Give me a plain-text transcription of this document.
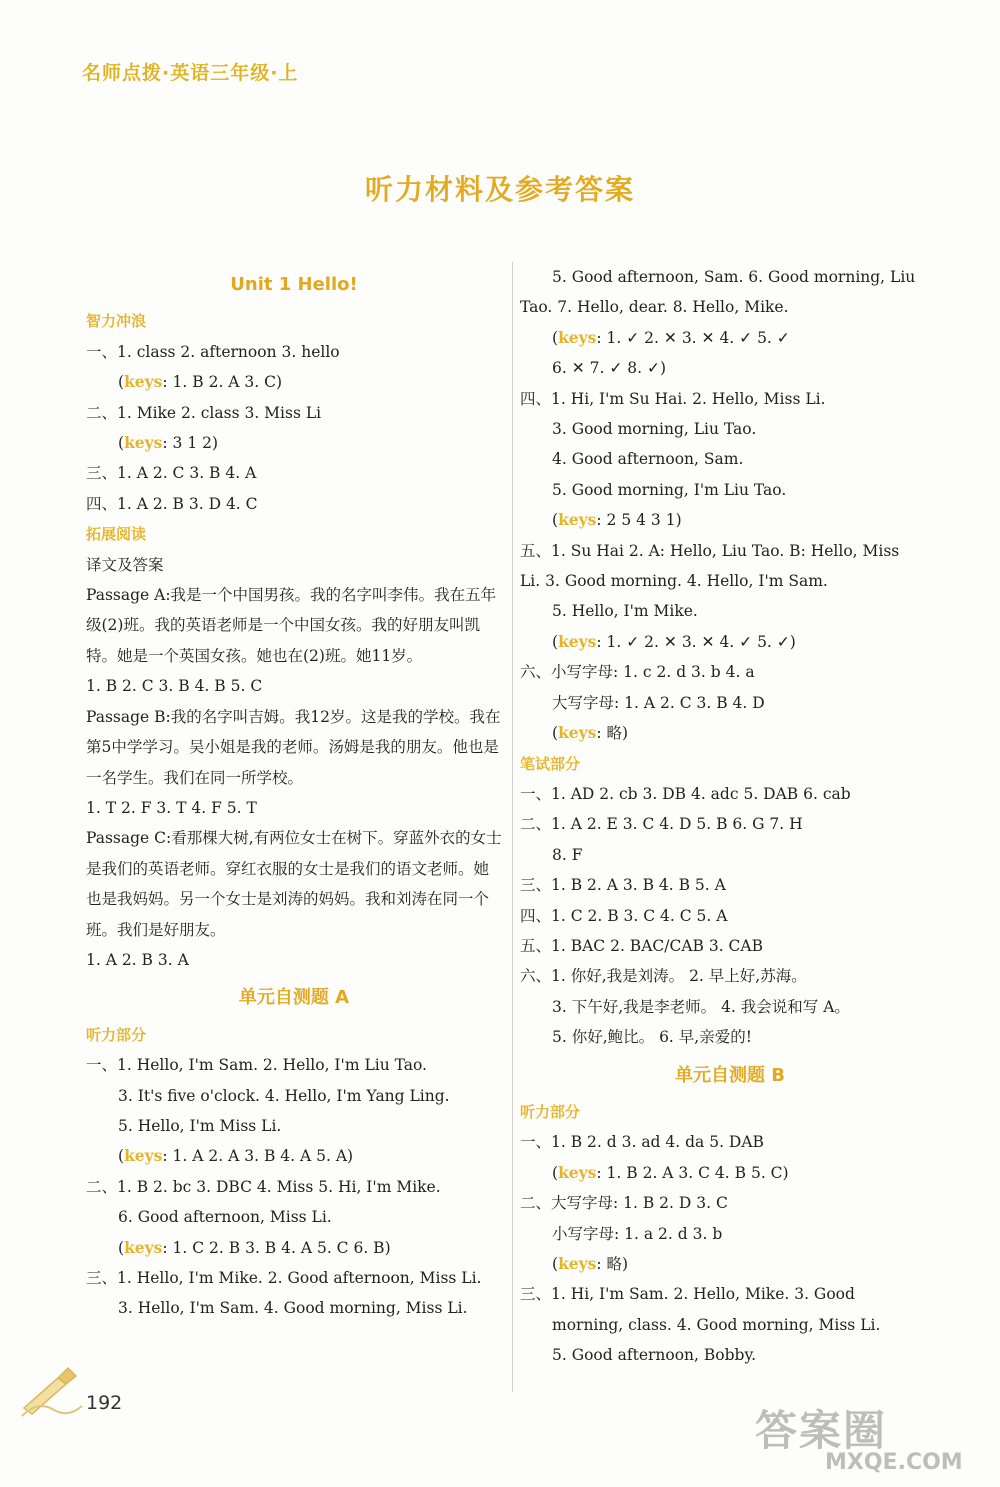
名师点拨·英语三年级·上
听力材料及参考答案
Unit 1 Hello!
智力冲浪
一、1. class 2. afternoon 3. hello
(keys: 1. B 2. A 3. C)
二、1. Mike 2. class 3. Miss Li
(keys: 3 1 2)
三、1. A 2. C 3. B 4. A
四、1. A 2. B 3. D 4. C
拓展阅读
译文及答案
Passage A:我是一个中国男孩。我的名字叫李伟。我在五年级(2)班。我的英语老师是一个中国女孩。我的好朋友叫凯特。她是一个英国女孩。她也在(2)班。她11岁。
1. B 2. C 3. B 4. B 5. C
Passage B:我的名字叫吉姆。我12岁。这是我的学校。我在第5中学学习。吴小姐是我的老师。汤姆是我的朋友。他也是一名学生。我们在同一所学校。
1. T 2. F 3. T 4. F 5. T
Passage C:看那棵大树,有两位女士在树下。穿蓝外衣的女士是我们的英语老师。穿红衣服的女士是我们的语文老师。她也是我妈妈。另一个女士是刘涛的妈妈。我和刘涛在同一个班。我们是好朋友。
1. A 2. B 3. A
单元自测题 A
听力部分
一、1. Hello, I'm Sam. 2. Hello, I'm Liu Tao.
3. It's five o'clock. 4. Hello, I'm Yang Ling.
5. Hello, I'm Miss Li.
(keys: 1. A 2. A 3. B 4. A 5. A)
二、1. B 2. bc 3. DBC 4. Miss 5. Hi, I'm Mike.
6. Good afternoon, Miss Li.
(keys: 1. C 2. B 3. B 4. A 5. C 6. B)
三、1. Hello, I'm Mike. 2. Good afternoon, Miss Li.
3. Hello, I'm Sam. 4. Good morning, Miss Li.
5. Good afternoon, Sam. 6. Good morning, Liu
Tao. 7. Hello, dear. 8. Hello, Mike.
(keys: 1. ✓ 2. ✕ 3. ✕ 4. ✓ 5. ✓
6. ✕ 7. ✓ 8. ✓)
四、1. Hi, I'm Su Hai. 2. Hello, Miss Li.
3. Good morning, Liu Tao.
4. Good afternoon, Sam.
5. Good morning, I'm Liu Tao.
(keys: 2 5 4 3 1)
五、1. Su Hai 2. A: Hello, Liu Tao. B: Hello, Miss
Li. 3. Good morning. 4. Hello, I'm Sam.
5. Hello, I'm Mike.
(keys: 1. ✓ 2. ✕ 3. ✕ 4. ✓ 5. ✓)
六、小写字母: 1. c 2. d 3. b 4. a
大写字母: 1. A 2. C 3. B 4. D
(keys: 略)
笔试部分
一、1. AD 2. cb 3. DB 4. adc 5. DAB 6. cab
二、1. A 2. E 3. C 4. D 5. B 6. G 7. H
8. F
三、1. B 2. A 3. B 4. B 5. A
四、1. C 2. B 3. C 4. C 5. A
五、1. BAC 2. BAC/CAB 3. CAB
六、1. 你好,我是刘涛。 2. 早上好,苏海。
3. 下午好,我是李老师。 4. 我会说和写 A。
5. 你好,鲍比。 6. 早,亲爱的!
单元自测题 B
听力部分
一、1. B 2. d 3. ad 4. da 5. DAB
(keys: 1. B 2. A 3. C 4. B 5. C)
二、大写字母: 1. B 2. D 3. C
小写字母: 1. a 2. d 3. b
(keys: 略)
三、1. Hi, I'm Sam. 2. Hello, Mike. 3. Good
morning, class. 4. Good morning, Miss Li.
5. Good afternoon, Bobby.
192
答案圈
MXQE.COM
